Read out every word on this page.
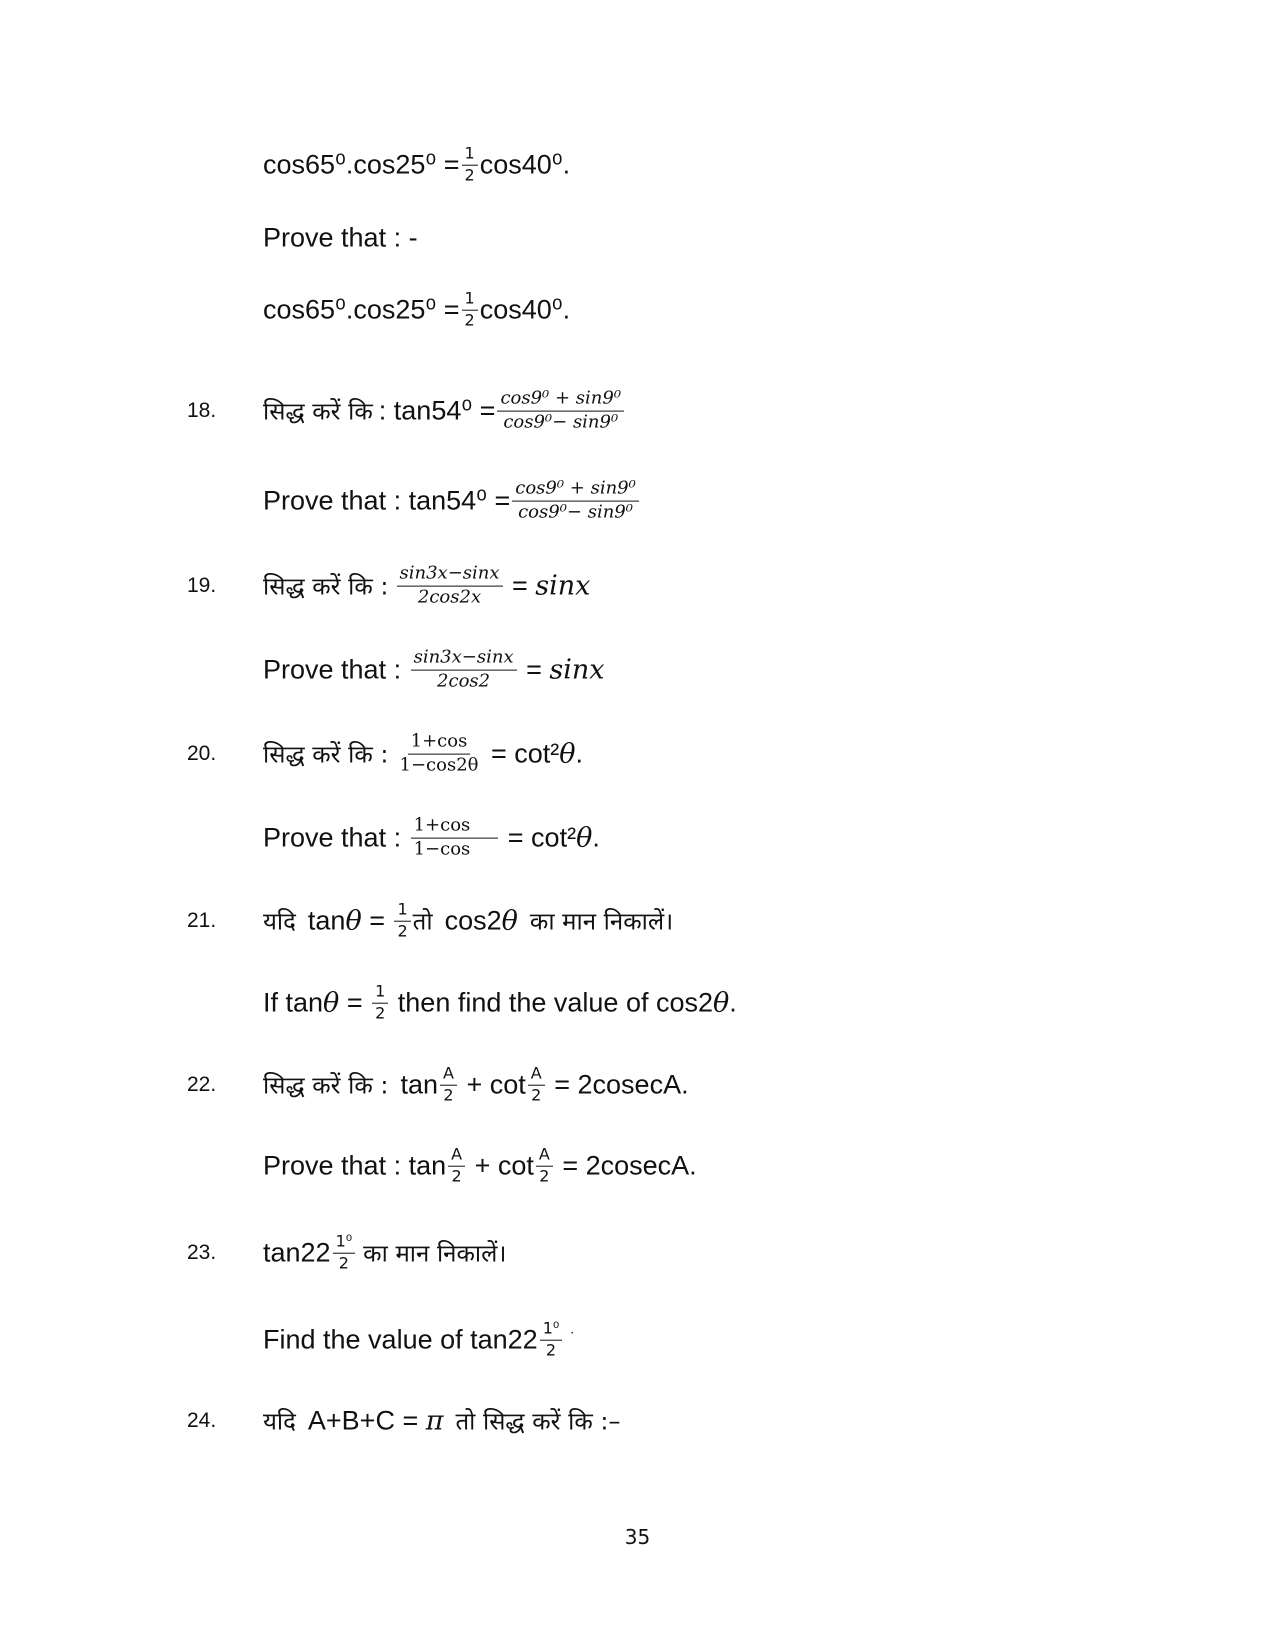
$\cos 65^0.\cos 25^0 = \frac{1}{2} \cos 40^0$.
Prove that : -
$\cos 65^0.\cos 25^0 = \frac{1}{2} \cos 40^0$.
18. सिद्ध करें कि : $\tan 54^0 = \frac{\text{cos9⁰ + sin9⁰}}{\text{cos9⁰− sin9⁰}}$
Prove that : $\tan 54^0 = \frac{\text{cos9⁰ + sin9⁰}}{\text{cos9⁰− sin9⁰}}$
19. सिद्ध करें कि : $\frac{\sin 3x-\sin x}{2\cos 2x} = \sin x$
Prove that : $\frac{\sin 3x-\sin x}{2\cos 2} = \sin x$
20. सिद्ध करें कि : $\frac{1+\cos}{1-\cos 2\theta} = \cot^2$ θ .
Prove that : $\frac{1+\cos}{1-\cos} = \cot^2$ θ .
21. यदि $\tan \theta = \frac{1}{2}$ तो cos2 θ का मान निकालें।
If $\tan \theta = \frac{1}{2}$ then find the value of cos2 θ .
22. सिद्ध करें कि : $\tan \frac{A}{2} + \cot \frac{A}{2} = 2cosecA$.
Prove that : $\tan \frac{A}{2} + \cot \frac{A}{2} = 2cosecA$.
23. $\tan 22 \frac{\text{1⁰}}{2}$ का मान निकालें।
Find the value of $\tan 22 \frac{\text{1⁰}}{2}$ .
24. यदि A+B+C = π तो सिद्ध करें कि :–
35
